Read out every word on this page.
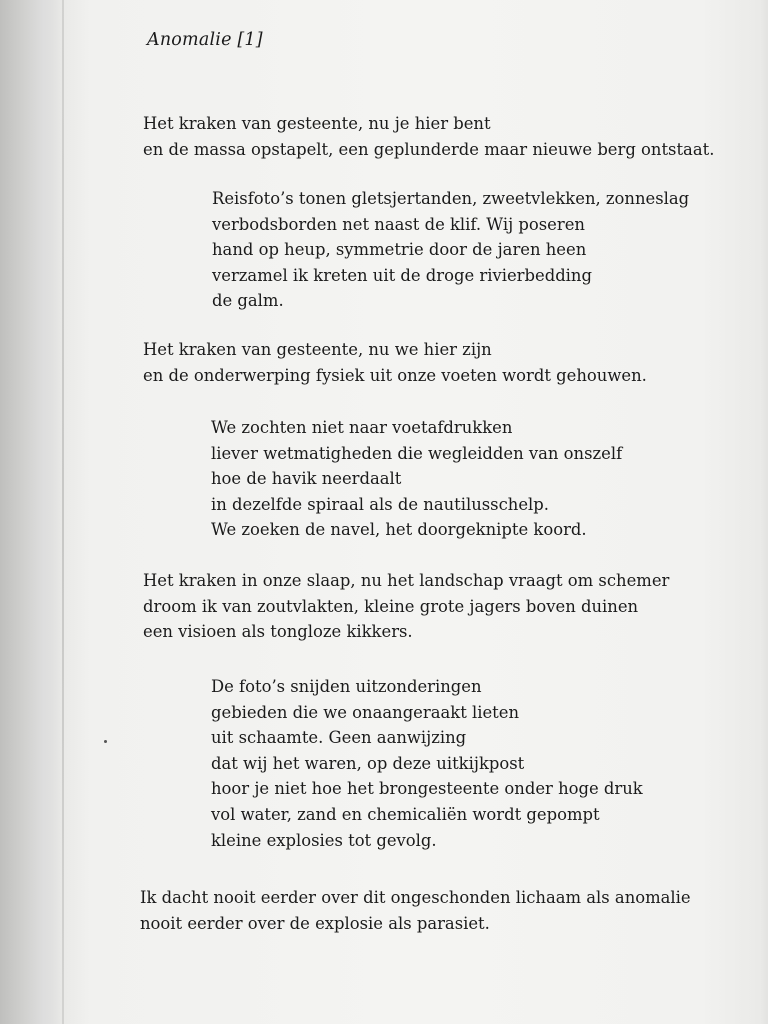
Anomalie [1]
Het kraken van gesteente, nu je hier bent
en de massa opstapelt, een geplunderde maar nieuwe berg ontstaat.
Reisfoto’s tonen gletsjertanden, zweetvlekken, zonneslag
verbodsborden net naast de klif. Wij poseren
hand op heup, symmetrie door de jaren heen
verzamel ik kreten uit de droge rivierbedding
de galm.
Het kraken van gesteente, nu we hier zijn
en de onderwerping fysiek uit onze voeten wordt gehouwen.
We zochten niet naar voetafdrukken
liever wetmatigheden die wegleidden van onszelf
hoe de havik neerdaalt
in dezelfde spiraal als de nautilusschelp.
We zoeken de navel, het doorgeknipte koord.
Het kraken in onze slaap, nu het landschap vraagt om schemer
droom ik van zoutvlakten, kleine grote jagers boven duinen
een visioen als tongloze kikkers.
De foto’s snijden uitzonderingen
gebieden die we onaangeraakt lieten
uit schaamte. Geen aanwijzing
dat wij het waren, op deze uitkijkpost
hoor je niet hoe het brongesteente onder hoge druk
vol water, zand en chemicaliën wordt gepompt
kleine explosies tot gevolg.
Ik dacht nooit eerder over dit ongeschonden lichaam als anomalie
nooit eerder over de explosie als parasiet.
